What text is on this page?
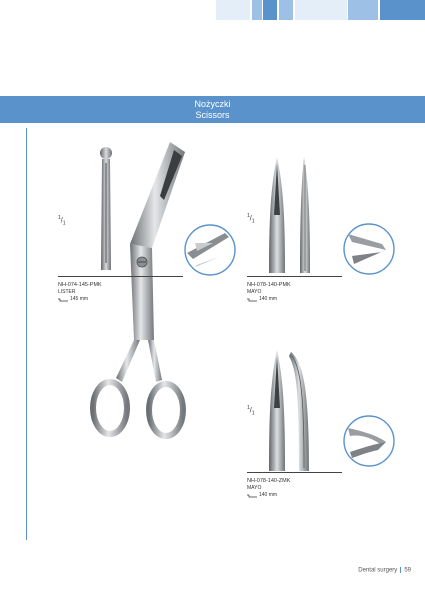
Nożyczki
Scissors
$^1/_1$
NH-074-145-PMK
LISTER
145 mm
$^1/_1$
NH-078-140-PMK
MAYO
140 mm
$^1/_1$
NH-078-140-ZMK
MAYO
140 mm
Dental surgery 59
